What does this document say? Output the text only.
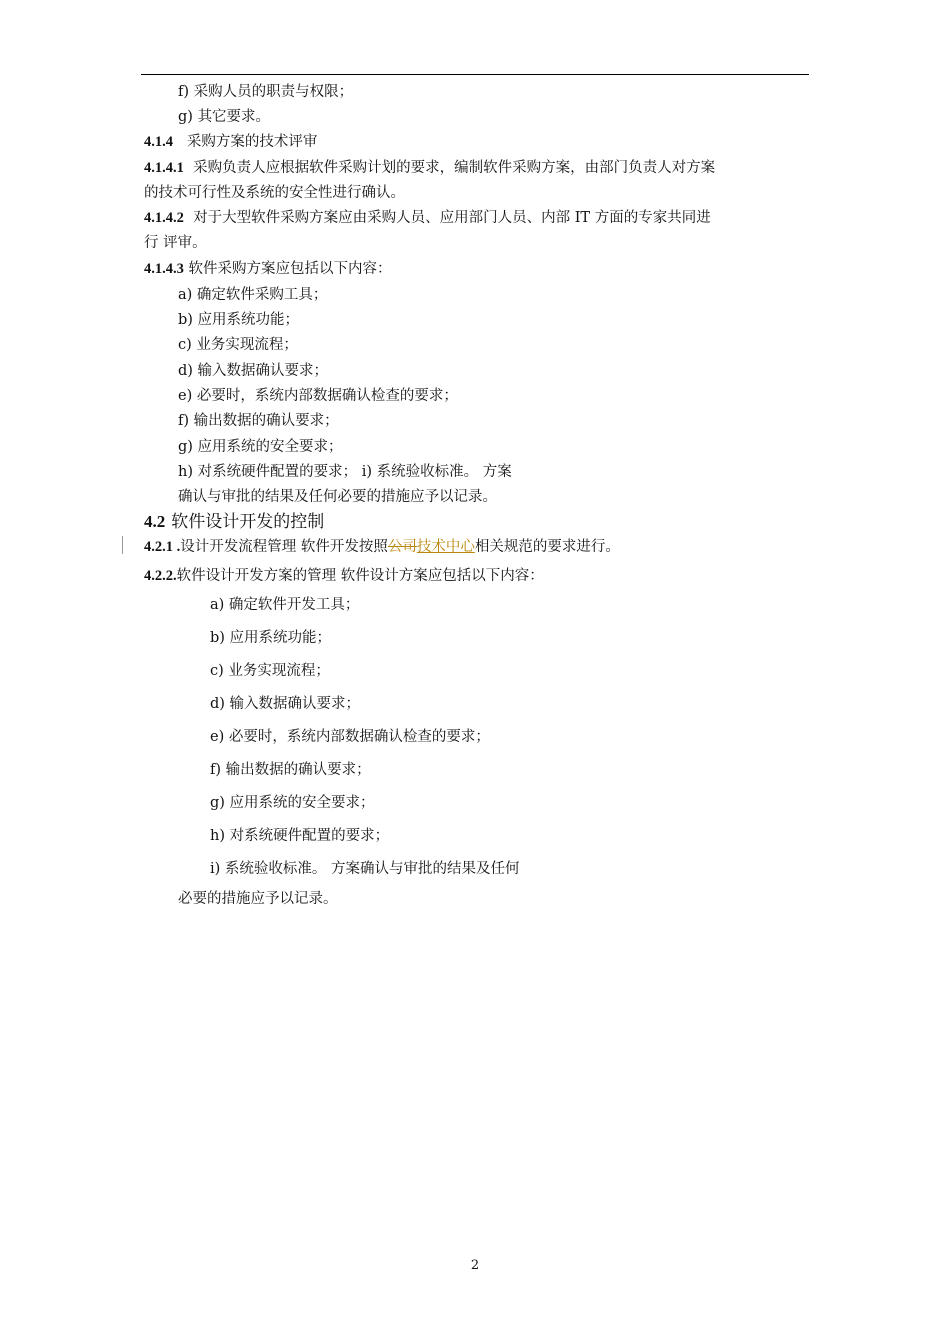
f) 采购人员的职责与权限；
g) 其它要求。
4.1.4 采购方案的技术评审
4.1.4.1 采购负责人应根据软件采购计划的要求，编制软件采购方案，由部门负责人对方案
的技术可行性及系统的安全性进行确认。
4.1.4.2 对于大型软件采购方案应由采购人员、应用部门人员、内部 IT 方面的专家共同进
行 评审。
4.1.4.3 软件采购方案应包括以下内容：
a) 确定软件采购工具；
b) 应用系统功能；
c) 业务实现流程；
d) 输入数据确认要求；
e) 必要时，系统内部数据确认检查的要求；
f) 输出数据的确认要求；
g) 应用系统的安全要求；
h) 对系统硬件配置的要求； i) 系统验收标准。 方案
确认与审批的结果及任何必要的措施应予以记录。
4.2 软件设计开发的控制
4.2.1 .设计开发流程管理 软件开发按照公司技术中心相关规范的要求进行。
4.2.2.软件设计开发方案的管理 软件设计方案应包括以下内容：
a) 确定软件开发工具；
b) 应用系统功能；
c) 业务实现流程；
d) 输入数据确认要求；
e) 必要时，系统内部数据确认检查的要求；
f) 输出数据的确认要求；
g) 应用系统的安全要求；
h) 对系统硬件配置的要求；
i) 系统验收标准。 方案确认与审批的结果及任何
必要的措施应予以记录。
2
